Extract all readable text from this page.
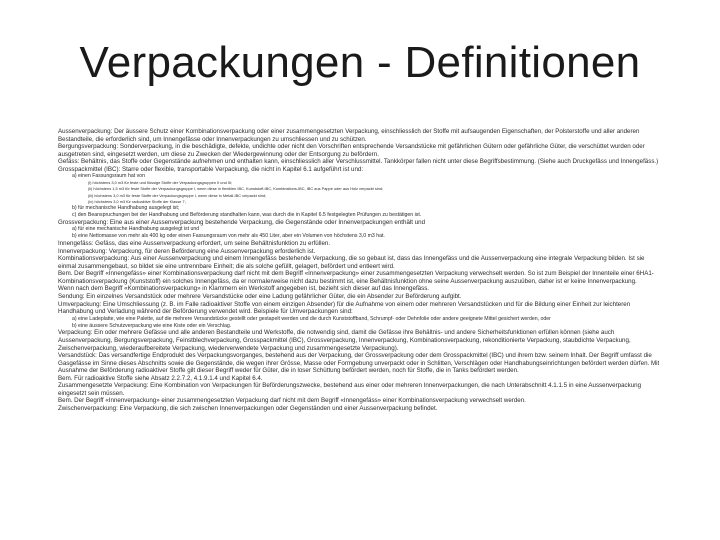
Verpackungen - Definitionen

Aussenverpackung: Der äussere Schutz einer Kombinationsverpackung oder einer zusammengesetzten Verpackung, einschliesslich der Stoffe mit aufsaugenden Eigenschaften, der Polsterstoffe und aller anderen Bestandteile, die erforderlich sind, um Innengefässe oder Innenverpackungen zu umschliessen und zu schützen.

Bergungsverpackung: Sonderverpackung, in die beschädigte, defekte, undichte oder nicht den Vorschriften entsprechende Versandstücke mit gefährlichen Gütern oder gefährliche Güter, die verschüttet wurden oder ausgetreten sind, eingesetzt werden, um diese zu Zwecken der Wiedergewinnung oder der Entsorgung zu befördern.

Gefäss: Behältnis, das Stoffe oder Gegenstände aufnehmen und enthalten kann, einschliesslich aller Verschlussmittel. Tankkörper fallen nicht unter diese Begriffsbestimmung. (Siehe auch Druckgefäss und Innengefäss.)

Grosspackmittel (IBC): Starre oder flexible, transportable Verpackung, die nicht in Kapitel 6.1 aufgeführt ist und:

a) einen Fassungsraum hat von

(i) höchstens 3,0 m3 für feste und flüssige Stoffe der Verpackungsgruppen II und III;

(ii) höchstens 1,5 m3 für feste Stoffe der Verpackungsgruppe I, wenn diese in flexiblen IBC, Kunststoff-IBC, Kombinations-IBC, IBC aus Pappe oder aus Holz verpackt sind;

(iii) höchstens 3,0 m3 für feste Stoffe der Verpackungsgruppe I, wenn diese in Metall-IBC verpackt sind;

(iv) höchstens 3,0 m3 für radioaktive Stoffe der Klasse 7;

b) für mechanische Handhabung ausgelegt ist;

c) den Beanspruchungen bei der Handhabung und Beförderung standhalten kann, was durch die in Kapitel 6.5 festgelegten Prüfungen zu bestätigen ist.

Grossverpackung: Eine aus einer Aussenverpackung bestehende Verpackung, die Gegenstände oder Innenverpackungen enthält und

a) für eine mechanische Handhabung ausgelegt ist und

b) eine Nettomasse von mehr als 400 kg oder einen Fassungsraum von mehr als 450 Liter, aber ein Volumen von höchstens 3,0 m3 hat.

Innengefäss: Gefäss, das eine Aussenverpackung erfordert, um seine Behältnisfunktion zu erfüllen.

Innenverpackung: Verpackung, für deren Beförderung eine Aussenverpackung erforderlich ist.

Kombinationsverpackung: Aus einer Aussenverpackung und einem Innengefäss bestehende Verpackung, die so gebaut ist, dass das Innengefäss und die Aussenverpackung eine integrale Verpackung bilden. Ist sie einmal zusammengebaut, so bildet sie eine untrennbare Einheit; die als solche gefüllt, gelagert, befördert und entleert wird.

Bem. Der Begriff «Innengefäss» einer Kombinationsverpackung darf nicht mit dem Begriff «Innenverpackung» einer zusammengesetzten Verpackung verwechselt werden. So ist zum Beispiel der Innenteile einer 6HA1-Kombinationsverpackung (Kunststoff) ein solches Innengefäss, da er normalerweise nicht dazu bestimmt ist, eine Behältnisfunktion ohne seine Aussenverpackung auszuüben, daher ist er keine Innenverpackung.

Wenn nach dem Begriff «Kombinationsverpackung» in Klammern ein Werkstoff angegeben ist, bezieht sich dieser auf das Innengefäss.

Sendung: Ein einzelnes Versandstück oder mehrere Versandstücke oder eine Ladung gefährlicher Güter, die ein Absender zur Beförderung aufgibt.

Umverpackung: Eine Umschliessung (z. B. im Falle radioaktiver Stoffe von einem einzigen Absender) für die Aufnahme von einem oder mehreren Versandstücken und für die Bildung einer Einheit zur leichteren Handhabung und Verladung während der Beförderung verwendet wird. Beispiele für Umverpackungen sind:

a) eine Ladeplatte, wie eine Palette, auf die mehrere Versandstücke gestellt oder gestapelt werden und die durch Kunststoffband, Schrumpf- oder Dehnfolie oder andere geeignete Mittel gesichert werden, oder

b) eine äussere Schutzverpackung wie eine Kiste oder ein Verschlag.

Verpackung: Ein oder mehrere Gefässe und alle anderen Bestandteile und Werkstoffe, die notwendig sind, damit die Gefässe ihre Behältnis- und andere Sicherheitsfunktionen erfüllen können (siehe auch Aussenverpackung, Bergungsverpackung, Feinstblechverpackung, Grosspackmittel (IBC), Grossverpackung, Innenverpackung, Kombinationsverpackung, rekonditionierte Verpackung, staubdichte Verpackung, Zwischenverpackung, wiederaufbereitete Verpackung, wiederverwendete Verpackung und zusammengesetzte Verpackung).

Versandstück: Das versandfertige Endprodukt des Verpackungsvorganges, bestehend aus der Verpackung, der Grossverpackung oder dem Grosspackmittel (IBC) und ihrem bzw. seinem Inhalt. Der Begriff umfasst die Gasgefässe im Sinne dieses Abschnitts sowie die Gegenstände, die wegen ihrer Grösse, Masse oder Formgebung unverpackt oder in Schlitten, Verschlägen oder Handhabungseinrichtungen befördert werden dürfen. Mit Ausnahme der Beförderung radioaktiver Stoffe gilt dieser Begriff weder für Güter, die in loser Schüttung befördert werden, noch für Stoffe, die in Tanks befördert werden.

Bem. Für radioaktive Stoffe siehe Absatz 2.2.7.2, 4.1.9.1.4 und Kapitel 6.4.

Zusammengesetzte Verpackung: Eine Kombination von Verpackungen für Beförderungszwecke, bestehend aus einer oder mehreren Innenverpackungen, die nach Unterabschnitt 4.1.1.5 in eine Aussenverpackung eingesetzt sein müssen.

Bem. Der Begriff «Innenverpackung» einer zusammengesetzten Verpackung darf nicht mit dem Begriff «Innengefäss» einer Kombinationsverpackung verwechselt werden.

Zwischenverpackung: Eine Verpackung, die sich zwischen Innenverpackungen oder Gegenständen und einer Aussenverpackung befindet.
